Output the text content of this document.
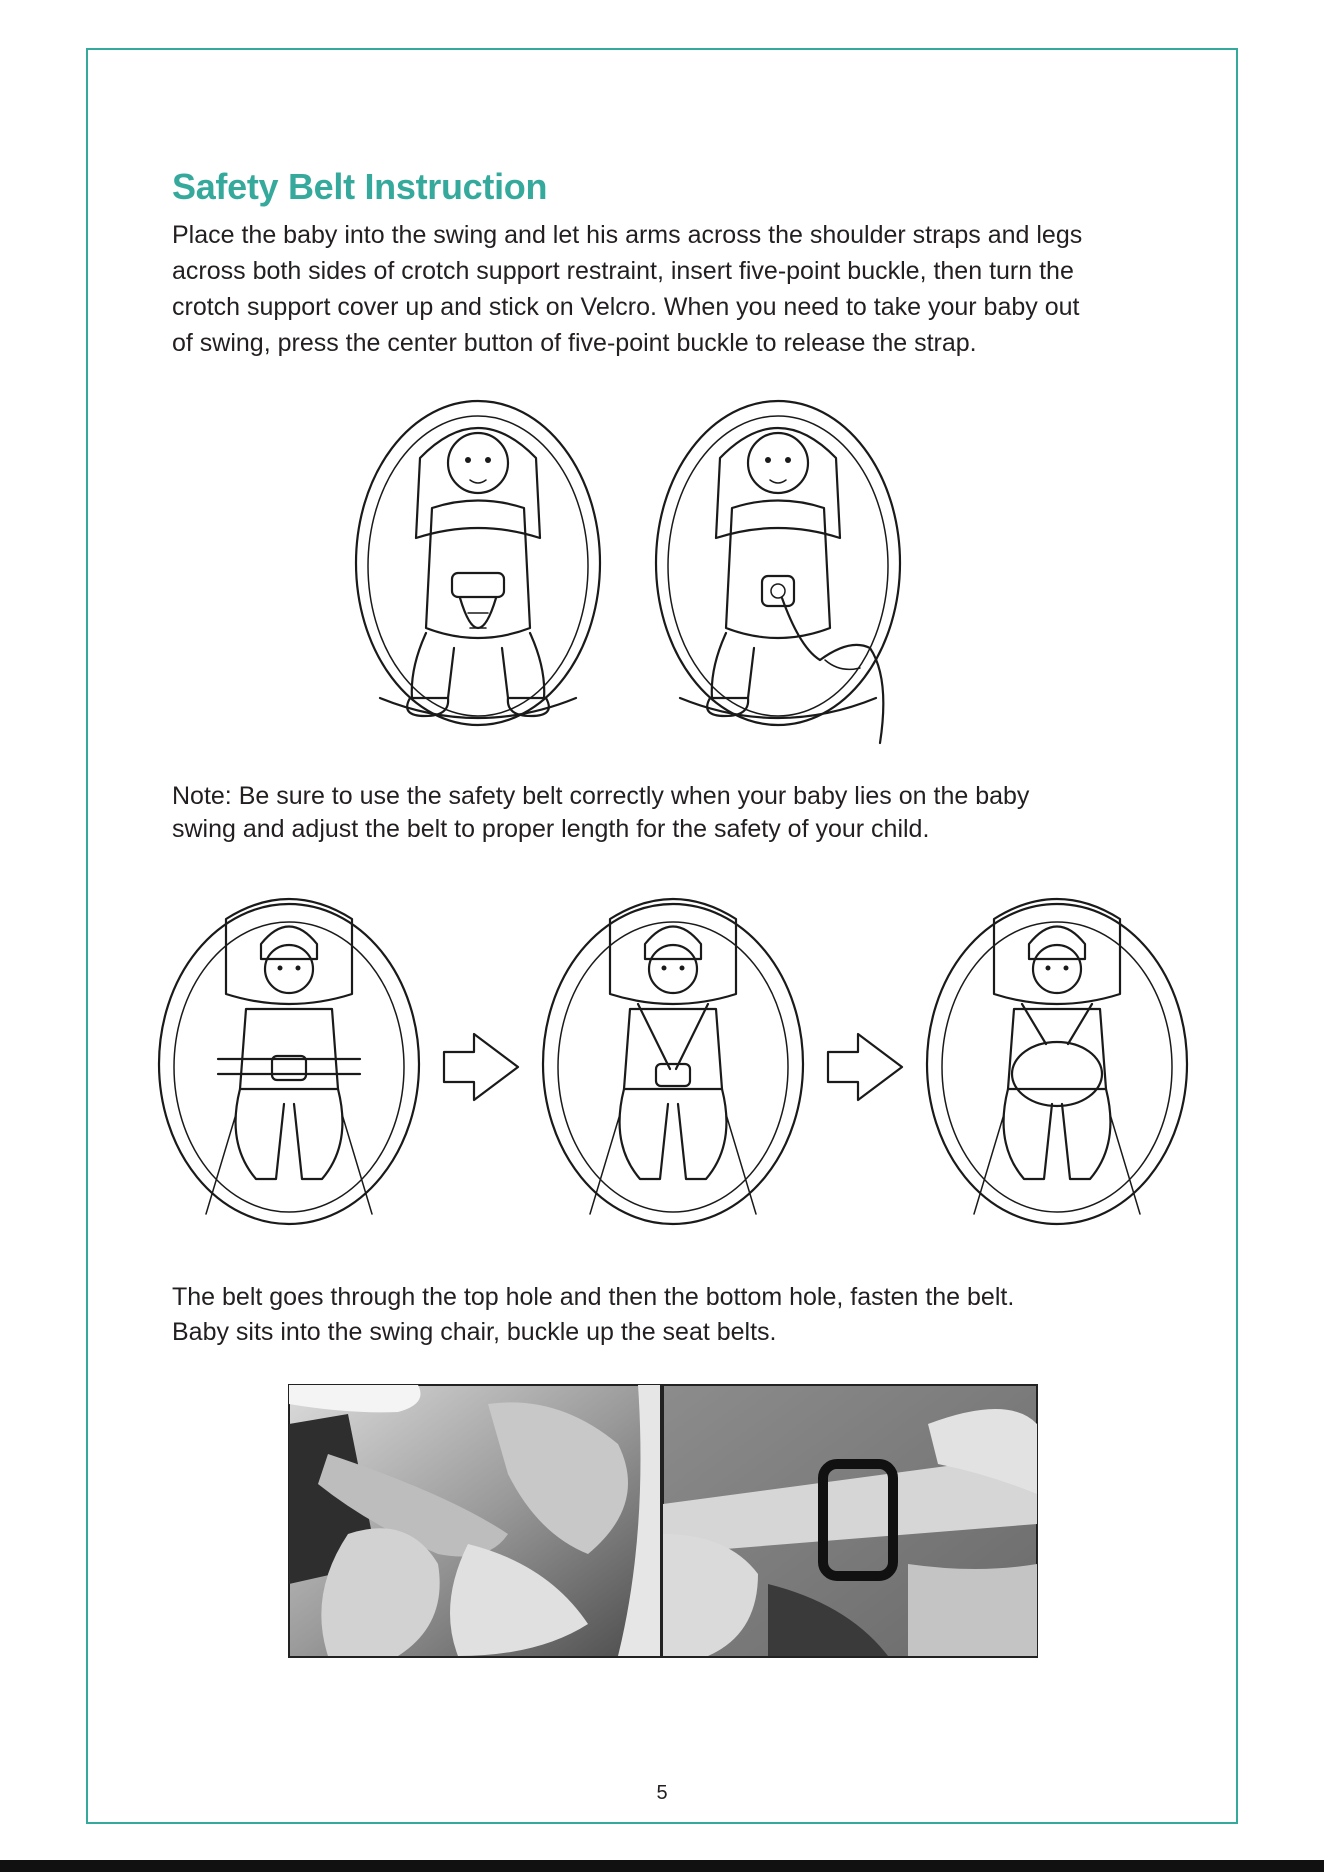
Safety Belt Instruction

Place the baby into the swing and let his arms across the shoulder straps and legs
across both sides of crotch support restraint, insert five-point buckle, then turn the
crotch support cover up and stick on Velcro. When you need to take your baby out
of swing, press the center button of five-point buckle to release the strap.

Note: Be sure to use the safety belt correctly when your baby lies on the baby
swing and adjust the belt to proper length for the safety of your child.

The belt goes through the top hole and then the bottom hole, fasten the belt.
Baby sits into the swing chair, buckle up the seat belts.

5
